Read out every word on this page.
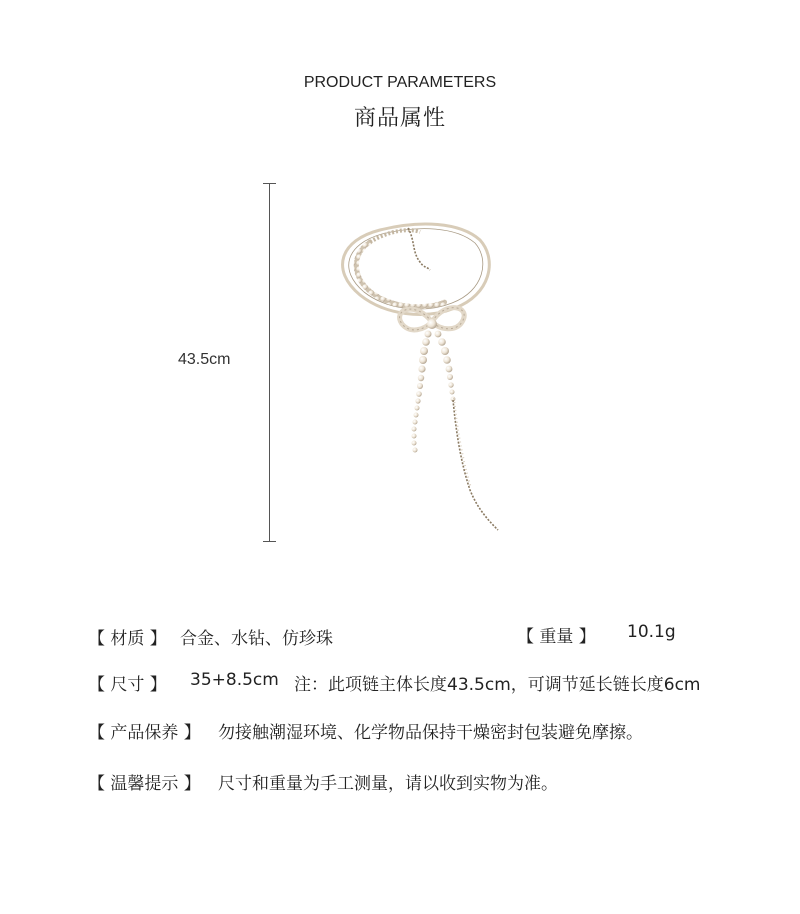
PRODUCT PARAMETERS
商品属性
43.5cm
【 材质 】 合金、水钻、仿珍珠	【 重量 】 10.1g
【 尺寸 】 35+8.5cm 注：此项链主体长度43.5cm，可调节延长链长度6cm
【 产品保养 】 勿接触潮湿环境、化学物品保持干燥密封包装避免摩擦。
【 温馨提示 】 尺寸和重量为手工测量，请以收到实物为准。
